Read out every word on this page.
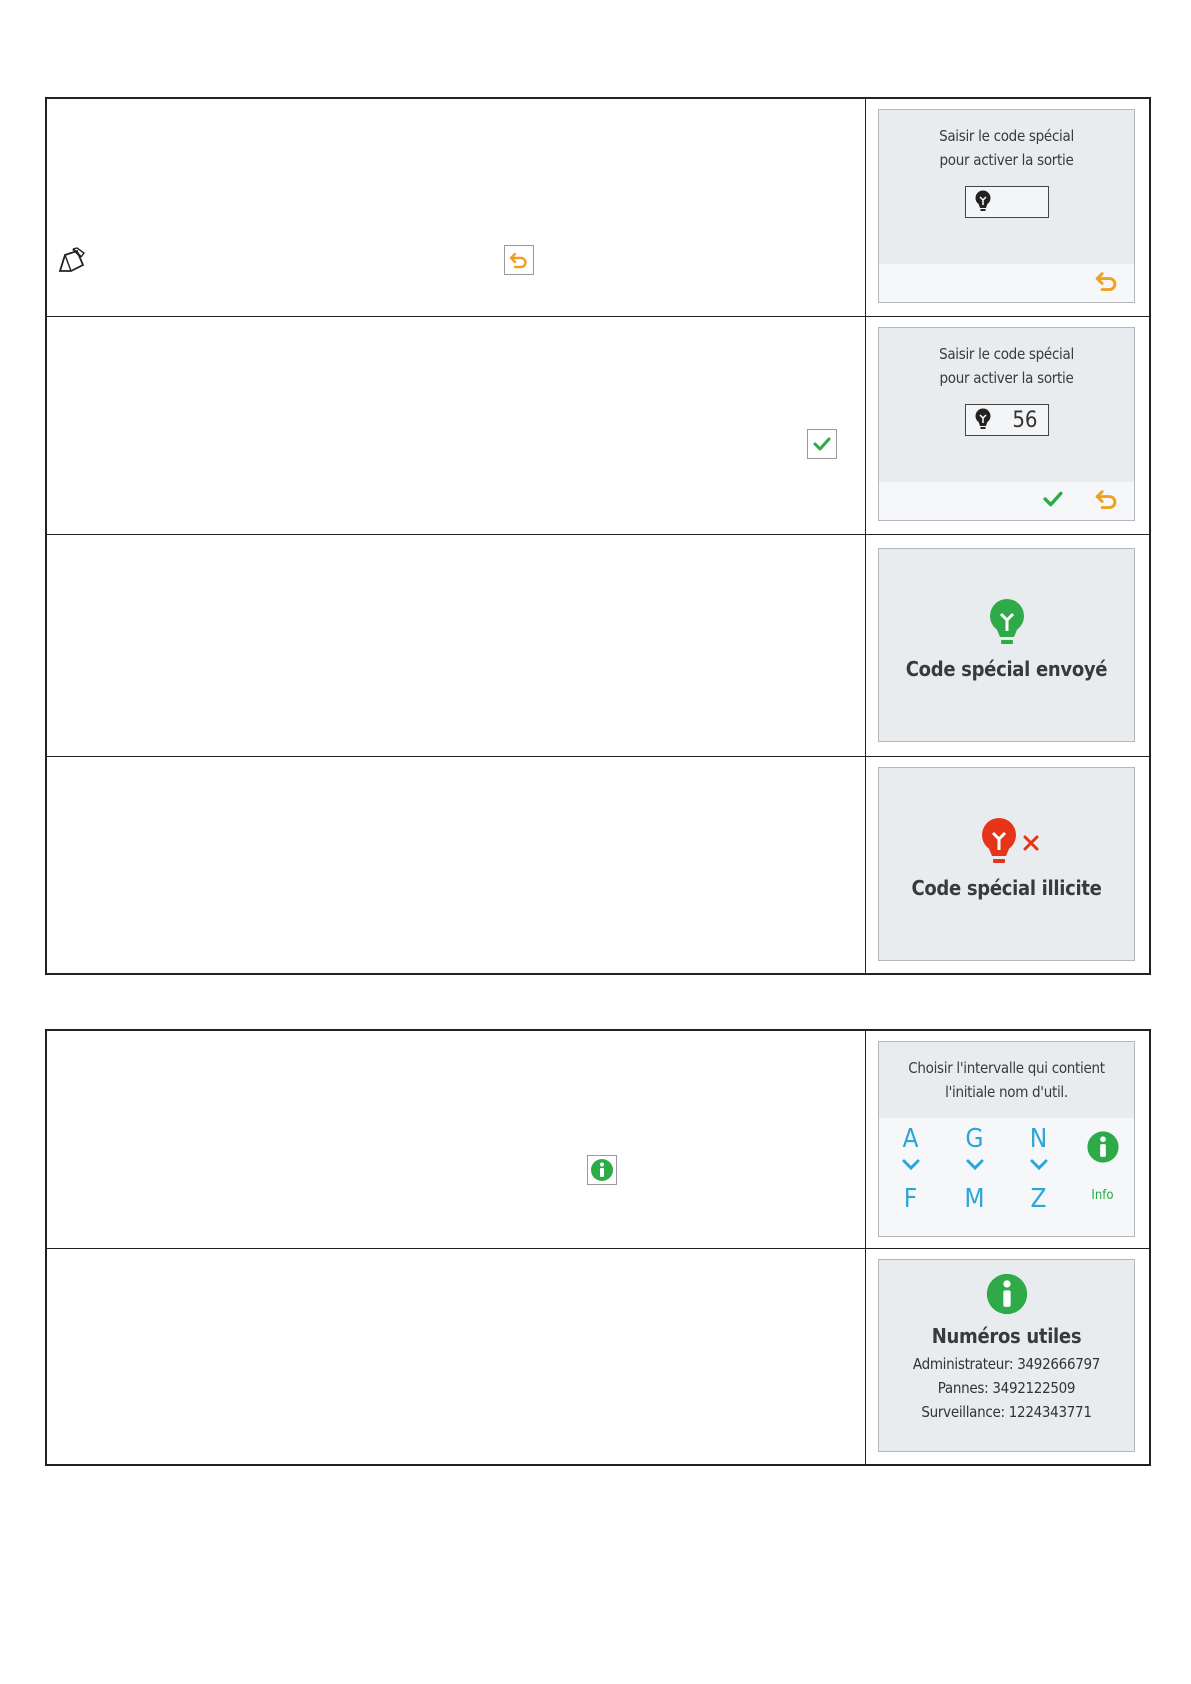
Saisir le code spécial
pour activer la sortie
Saisir le code spécial
pour activer la sortie
56
Code spécial envoyé
Code spécial illicite
Choisir l'intervalle qui contient
l'initiale nom d'util.
A
F
G
M
N
Z	Info
Numéros utiles
Administrateur: 3492666797
Pannes: 3492122509
Surveillance: 1224343771
